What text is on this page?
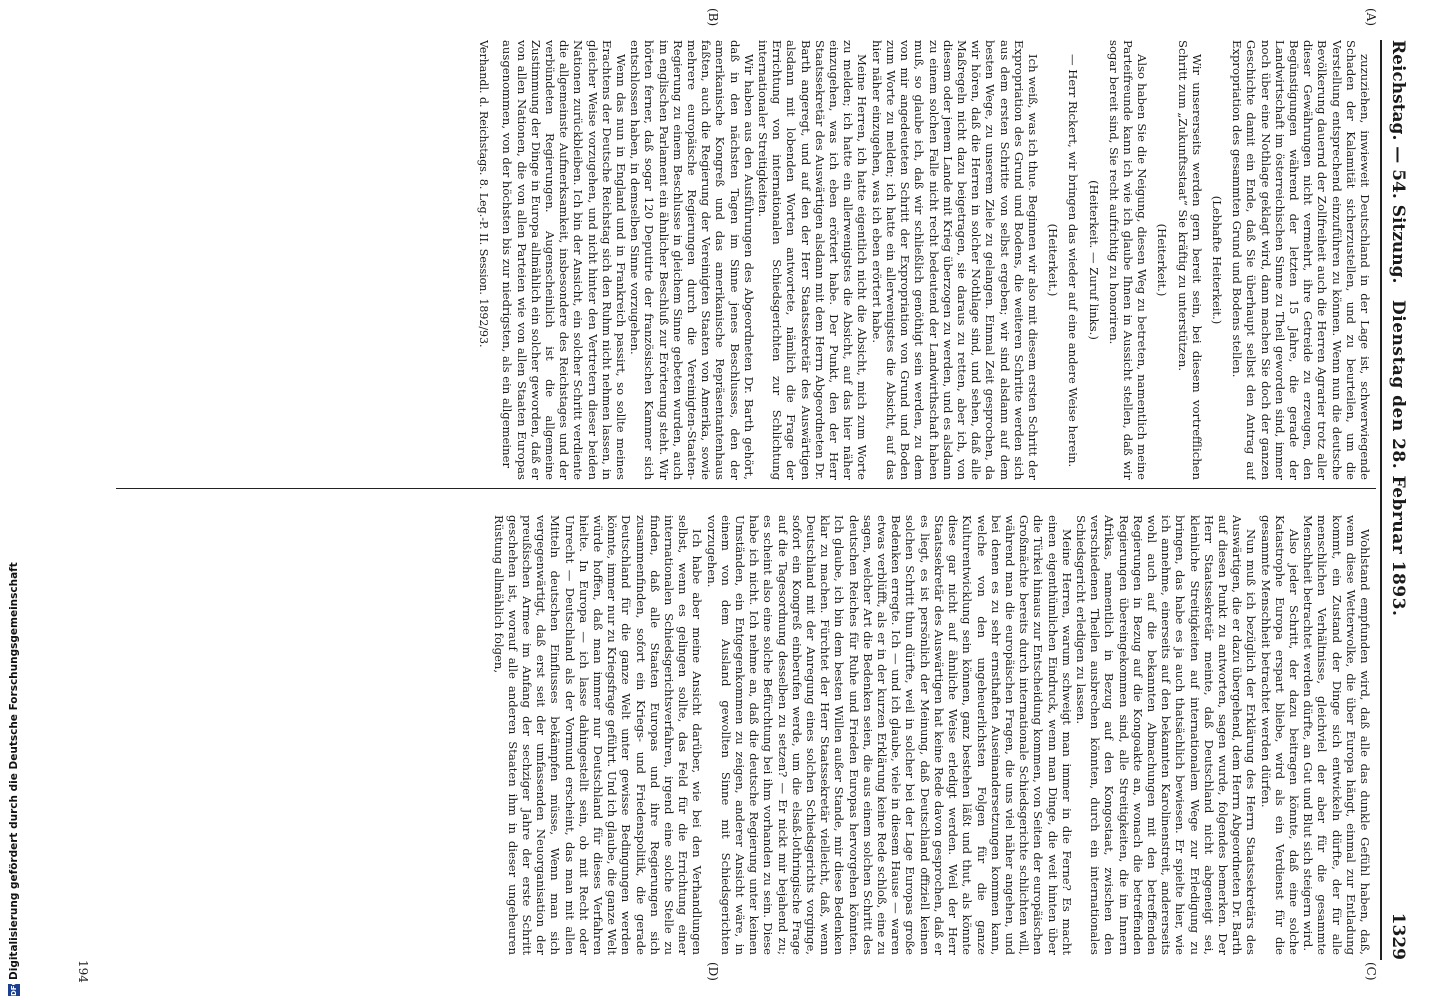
DFGDigitalisierung gefördert durch die Deutsche Forschungsgemeinschaft
Reichstag. — 54. Sitzung.
Dienstag den 28. Februar 1893.
1329
(A)
(B)
(C)
(D)

zuzuziehen, inwieweit Deutschland in der Lage ist, schwerwiegende Schaden der Kalamität sicherzustellen, und zu beurteilen, um die Verstellung entsprechend einzuführen zu können. Wenn nun die deutsche Bevölkerung dauernd der Zollfreiheit auch die Herren Agrarier trotz aller dieser Gewährungen nicht vermehrt, ihre Getreide zu erzeugen, den Begünstigungen während der letzten 15 Jahre, die gerade der Landwirtschaft im österreichischen Sinne zu Theil geworden sind, immer noch über eine Nothlage geklagt wird, dann machen Sie doch der ganzen Geschichte damit ein Ende, daß Sie überhaupt selbst den Antrag auf Expropriation des gesammten Grund und Bodens stellen.

(Lebhafte Heiterkeit.)

Wir unsererseits werden gern bereit sein, bei diesem vortrefflichen Schritt zum „Zukunftsstaat“ Sie kräftig zu unterstützen.

(Heiterkeit.)

Also haben Sie die Neigung, diesen Weg zu betreten, namentlich meine Parteifreunde kann ich wie ich glaube Ihnen in Aussicht stellen, daß wir sogar bereit sind, Sie recht aufrichtig zu honoriren.

(Heiterkeit. — Zuruf links.)

— Herr Rickert, wir bringen das wieder auf eine andere Weise herein.

(Heiterkeit.)

Ich weiß, was ich thue. Beginnen wir also mit diesem ersten Schritt der Expropriation des Grund und Bodens, die weiteren Schritte werden sich aus dem ersten Schritte von selbst ergeben; wir sind alsdann auf dem besten Wege, zu unserem Ziele zu gelangen. Einmal Zeit gesprochen, da wir hören, daß die Herren in solcher Nothlage sind, und sehen, daß alle Maßregeln nicht dazu beigetragen, sie daraus zu retten, aber ich, von diesem oder jenem Lande mit Krieg überzogen zu werden, und es alsdann zu einem solchen Falle nicht recht bedeutend der Landwirthschaft haben muß, so glaube ich, daß wir schließlich genöthigt sein werden, zu dem von mir angedeuteten Schritt der Expropriation von Grund und Boden zum Worte zu melden; ich hatte ein allerwenigstes die Absicht, auf das hier näher einzugehen, was ich eben erörtert habe.

Meine Herren, ich hatte eigentlich nicht die Absicht, mich zum Worte zu melden; ich hatte ein allerwenigstes die Absicht, auf das hier näher einzugehen, was ich eben erörtert habe. Der Punkt, den der Herr Staatssekretär des Auswärtigen alsdann mit dem Herrn Abgeordneten Dr. Barth angeregt, und auf den der Herr Staatssekretär des Auswärtigen alsdann mit lobenden Worten antwortete, nämlich die Frage der Errichtung von internationalen Schiedsgerichten zur Schlichtung internationaler Streitigkeiten.

Wir haben aus den Ausführungen des Abgeordneten Dr. Barth gehört, daß in den nächsten Tagen im Sinne jenes Beschlusses, den der amerikanische Kongreß und das amerikanische Repräsentantenhaus faßten, auch die Regierung der Vereinigten Staaten von Amerika, sowie mehrere europäische Regierungen durch die Vereinigten-Staaten-Regierung zu einem Beschlusse in gleichem Sinne gebeten wurden, auch im englischen Parlament ein ähnlicher Beschluß zur Erörterung steht. Wir hörten ferner, daß sogar 120 Deputirte der französischen Kammer sich entschlossen haben, in demselben Sinne vorzugehen.

Wenn das nun in England und in Frankreich passirt, so sollte meines Erachtens der Deutsche Reichstag sich den Ruhm nicht nehmen lassen, in gleicher Weise vorzugehen, und nicht hinter den Vertretern dieser beiden Nationen zurückbleiben. Ich bin der Ansicht, ein solcher Schritt verdiente die allgemeinste Aufmerksamkeit, insbesondere des Reichstages und der verbündeten Regierungen. Augenscheinlich ist die allgemeine Zustimmung der Dinge in Europa allmählich ein solcher geworden, daß er von allen Nationen, die von allen Parteien wie von allen Staaten Europas ausgenommen, von der höchsten bis zur niedrigsten, als ein allgemeiner

Verhandl. d. Reichstags. 8. Leg.-P. II. Session. 1892/93.

Wohlstand empfunden wird, daß alle das dunkle Gefühl haben, daß, wenn diese Wetterwolke, die über Europa hängt, einmal zur Entladung kommt, ein Zustand der Dinge sich entwickeln dürfte, der für alle menschlichen Verhältnisse, gleichviel der aber für die gesammte Menschheit betrachtet werden dürfte, an Gut und Blut sich steigern wird.

Also jeder Schritt, der dazu beitragen könnte, daß eine solche Katastrophe Europa erspart bliebe, wird als ein Verdienst für die gesammte Menschheit betrachtet werden dürfen.

Nun muß ich bezüglich der Erklärung des Herrn Staatssekretärs des Auswärtigen, die er dazu übergehend, dem Herrn Abgeordneten Dr. Barth auf diesen Punkt zu antworten, sagen wurde, folgendes bemerken. Der Herr Staatssekretär meinte, daß Deutschland nicht abgeneigt sei, kleinliche Streitigkeiten auf internationalem Wege zur Erledigung zu bringen, das habe es ja auch thatsächlich bewiesen. Er spielte hier, wie ich annehme, einerseits auf den bekannten Karolinenstreit, andererseits wohl auch auf die bekannten Abmachungen mit den betreffenden Regierungen in Bezug auf die Kongoakte an, wonach die betreffenden Regierungen übereingekommen sind, alle Streitigkeiten, die im Innern Afrikas, namentlich in Bezug auf den Kongostaat, zwischen den verschiedenen Theilen ausbrechen könnten, durch ein internationales Schiedsgericht erledigen zu lassen.

Meine Herren, warum schweigt man immer in die Ferne? Es macht einen eigenthümlichen Eindruck, wenn man Dinge, die weit hinten über die Türkei hinaus zur Entscheidung kommen, von Seiten der europäischen Großmächte bereits durch internationale Schiedsgerichte schlichten will, während man die europäischen Fragen, die uns viel näher angehen, und bei denen es zu sehr ernsthaften Auseinandersetzungen kommen kann, welche von den ungeheuerlichsten Folgen für die ganze Kulturentwicklung sein können, ganz bestehen läßt und thut, als könnte diese gar nicht auf ähnliche Weise erledigt werden. Weil der Herr Staatssekretär des Auswärtigen hat keine Rede davon gesprochen, daß er es liegt, es ist persönlich der Meinung, daß Deutschland offiziell keinen solchen Schritt thun dürfte, weil in solcher bei der Lage Europas große Bedenken erregte. Ich — und ich glaube, viele in diesem Hause — waren etwas verblüfft, als er in der kurzen Erklärung keine Rede schloß, eine zu sagen, welcher Art die Bedenken seien, die aus einem solchen Schritt des deutschen Reiches für Ruhe und Frieden Europas hervorgehen könnten. Ich glaube, ich bin dem besten Willen außer Stande, mir diese Bedenken klar zu machen. Fürchtet der Herr Staatssekretär vielleicht, daß, wenn Deutschland mit der Anregung eines solchen Schiedsgerichts vorginge, sofort ein Kongreß einberufen werde, um die elsaß-lothringische Frage auf die Tagesordnung desselben zu setzen? — Er nickt mir bejahend zu; es scheint also eine solche Befürchtung bei ihm vorhanden zu sein. Diese habe ich nicht. Ich nehme an, daß die deutsche Regierung unter keinen Umständen, ein Entgegenkommen zu zeigen, anderer Ansicht wäre, in einem von dem Ausland gewollten Sinne mit Schiedsgerichten vorzugehen.

Ich habe aber meine Ansicht darüber, wie bei den Verhandlungen selbst, wenn es gelingen sollte, das Feld für die Errichtung einer internationalen Schiedsgerichtsverfahren, irgend eine solche Stelle zu finden, daß alle Staaten Europas und ihre Regierungen sich zusammenfinden, sofort ein Kriegs- und Friedenspolitik, die gerade Deutschland für die ganze Welt unter gewisse Bedingungen werden könnte, immer nur zu Kriegsfrage geführt. Und ich glaube, die ganze Welt würde hoffen, daß man immer nur Deutschland für dieses Verfahren hielte. In Europa — ich lasse dahingestellt sein, ob mit Recht oder Unrecht — Deutschland als der Vormund erscheint, das man mit allen Mitteln deutschen Einflusses bekämpfen müsse, Wenn man sich vergegenwärtigt, daß erst seit der umfassenden Neuorganisation der preußischen Armee im Anfang der sechziger Jahre der erste Schritt geschehen ist, worauf alle anderen Staaten ihm in dieser ungeheuren Rüstung allmählich folgen,

194
